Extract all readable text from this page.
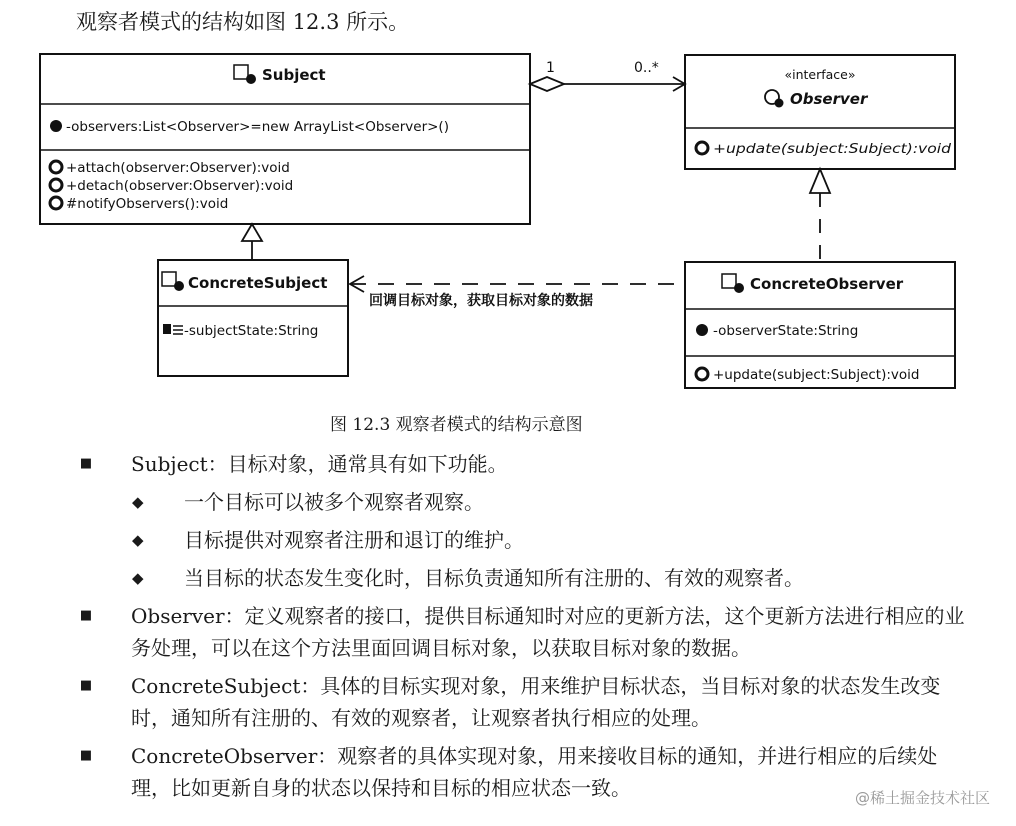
观察者模式的结构如图 12.3 所示。
Subject
-observers:List<Observer>=new ArrayList<Observer>()
+attach(observer:Observer):void
+detach(observer:Observer):void
#notifyObservers():void
«interface»
Observer
+update(subject:Subject):void
1	0..*
ConcreteSubject
-subjectState:String
ConcreteObserver
-observerState:String
+update(subject:Subject):void
回调目标对象，获取目标对象的数据
图 12.3 观察者模式的结构示意图
■ Subject：目标对象，通常具有如下功能。

◆ 一个目标可以被多个观察者观察。

◆ 目标提供对观察者注册和退订的维护。

◆ 当目标的状态发生变化时，目标负责通知所有注册的、有效的观察者。

■ Observer：定义观察者的接口，提供目标通知时对应的更新方法，这个更新方法进行相应的业务处理，可以在这个方法里面回调目标对象，以获取目标对象的数据。

■ ConcreteSubject：具体的目标实现对象，用来维护目标状态，当目标对象的状态发生改变时，通知所有注册的、有效的观察者，让观察者执行相应的处理。

■ ConcreteObserver：观察者的具体实现对象，用来接收目标的通知，并进行相应的后续处理，比如更新自身的状态以保持和目标的相应状态一致。	@稀土掘金技术社区
